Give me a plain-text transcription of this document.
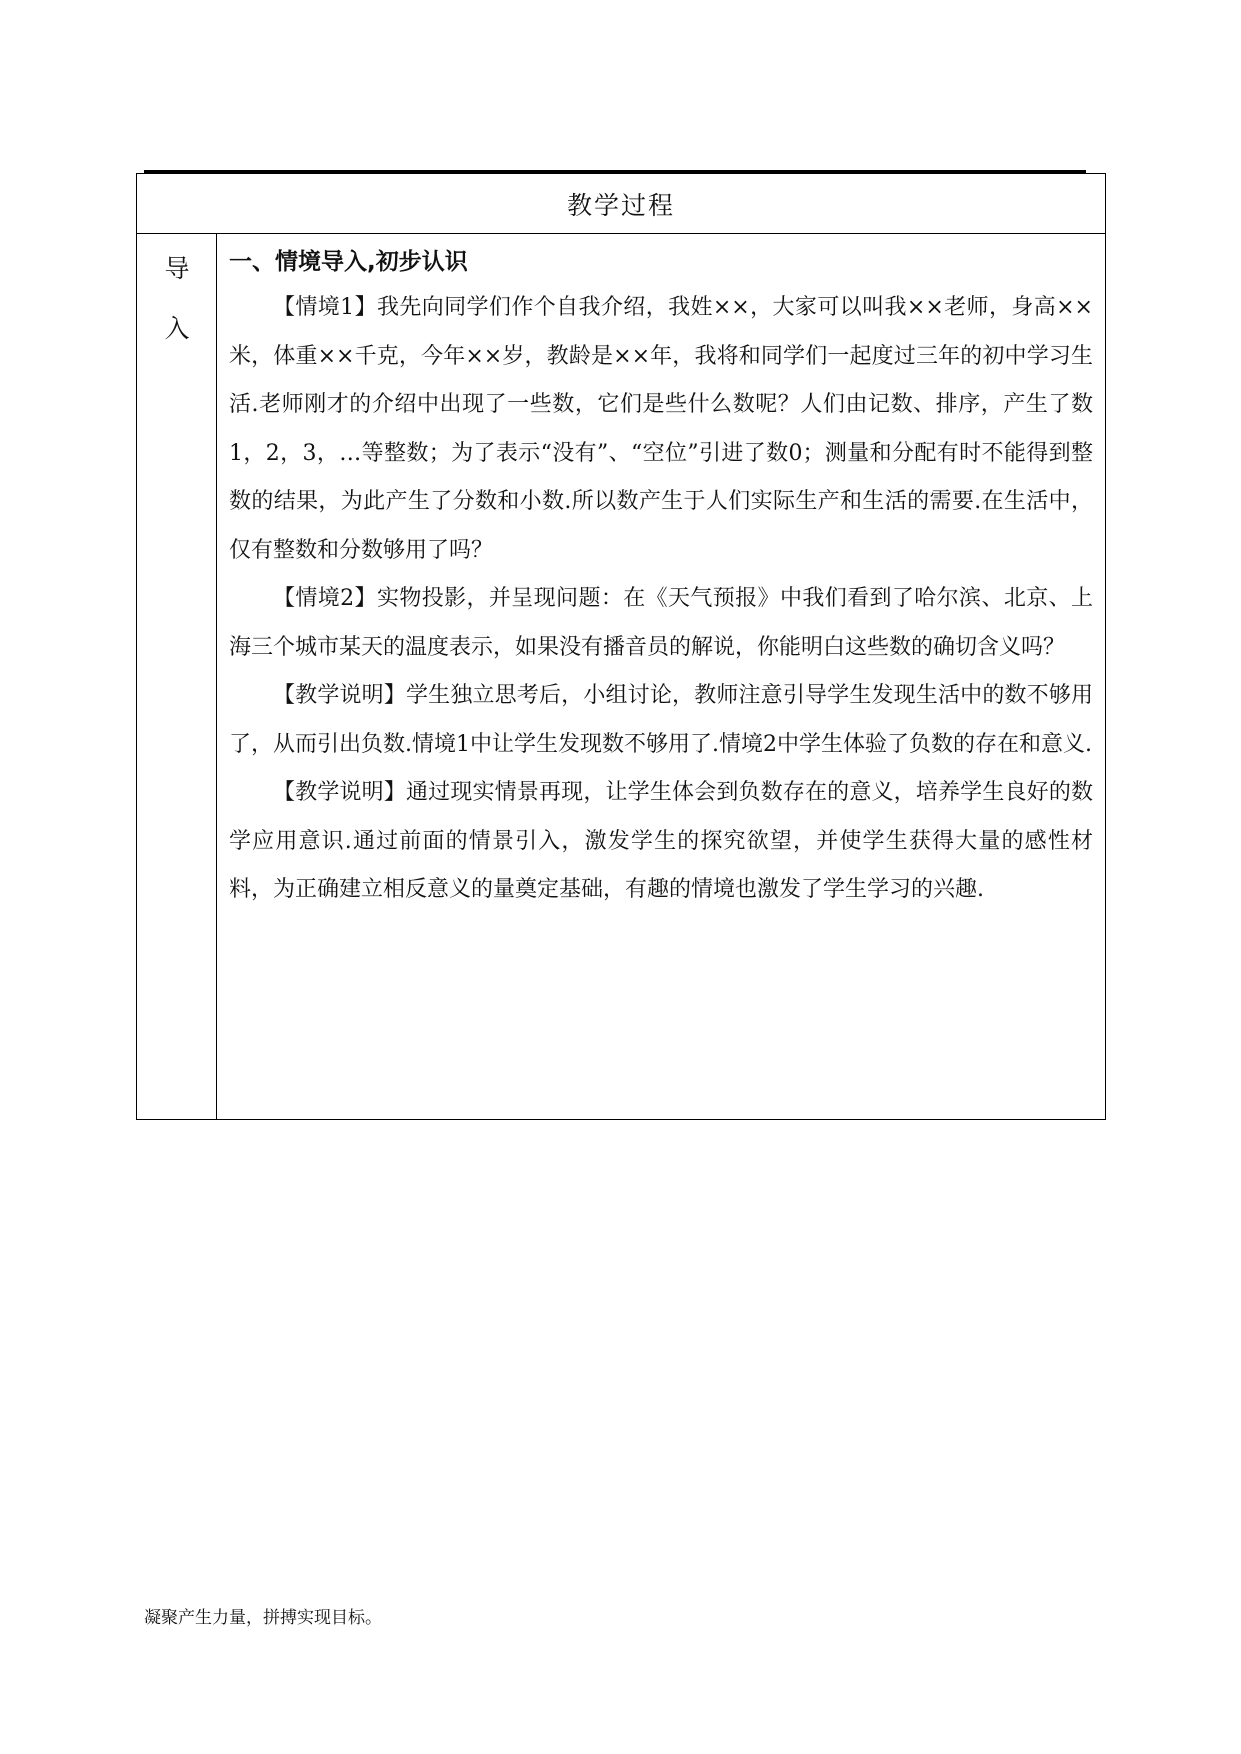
教学过程
导
入
一、情境导入,初步认识

【情境1】我先向同学们作个自我介绍，我姓××，大家可以叫我××老师，身高××米，体重××千克，今年××岁，教龄是××年，我将和同学们一起度过三年的初中学习生活.老师刚才的介绍中出现了一些数，它们是些什么数呢？人们由记数、排序，产生了数1，2，3，…等整数；为了表示“没有”、“空位”引进了数0；测量和分配有时不能得到整数的结果，为此产生了分数和小数.所以数产生于人们实际生产和生活的需要.在生活中，仅有整数和分数够用了吗？

【情境2】实物投影，并呈现问题：在《天气预报》中我们看到了哈尔滨、北京、上海三个城市某天的温度表示，如果没有播音员的解说，你能明白这些数的确切含义吗？

【教学说明】学生独立思考后，小组讨论，教师注意引导学生发现生活中的数不够用了，从而引出负数.情境1中让学生发现数不够用了.情境2中学生体验了负数的存在和意义.

【教学说明】通过现实情景再现，让学生体会到负数存在的意义，培养学生良好的数学应用意识.通过前面的情景引入，激发学生的探究欲望，并使学生获得大量的感性材料，为正确建立相反意义的量奠定基础，有趣的情境也激发了学生学习的兴趣.

凝聚产生力量，拼搏实现目标。
